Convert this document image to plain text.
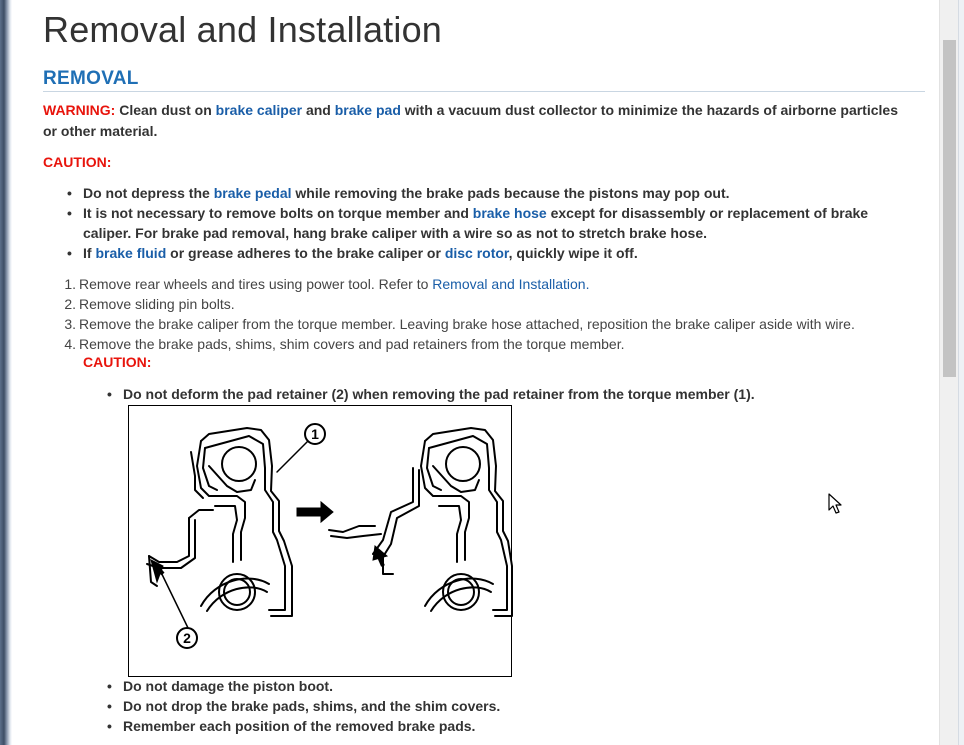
Removal and Installation
REMOVAL

WARNING: Clean dust on brake caliper and brake pad with a vacuum dust collector to minimize the hazards of airborne particles or other material.

CAUTION:

• Do not depress the brake pedal while removing the brake pads because the pistons may pop out.
• It is not necessary to remove bolts on torque member and brake hose except for disassembly or replacement of brake caliper. For brake pad removal, hang brake caliper with a wire so as not to stretch brake hose.
• If brake fluid or grease adheres to the brake caliper or disc rotor, quickly wipe it off.
1. Remove rear wheels and tires using power tool. Refer to Removal and Installation.
2. Remove sliding pin bolts.
3. Remove the brake caliper from the torque member. Leaving brake hose attached, reposition the brake caliper aside with wire.
4. Remove the brake pads, shims, shim covers and pad retainers from the torque member.
CAUTION:
• Do not deform the pad retainer (2) when removing the pad retainer from the torque member (1).
1
2
• Do not damage the piston boot.
• Do not drop the brake pads, shims, and the shim covers.
• Remember each position of the removed brake pads.
